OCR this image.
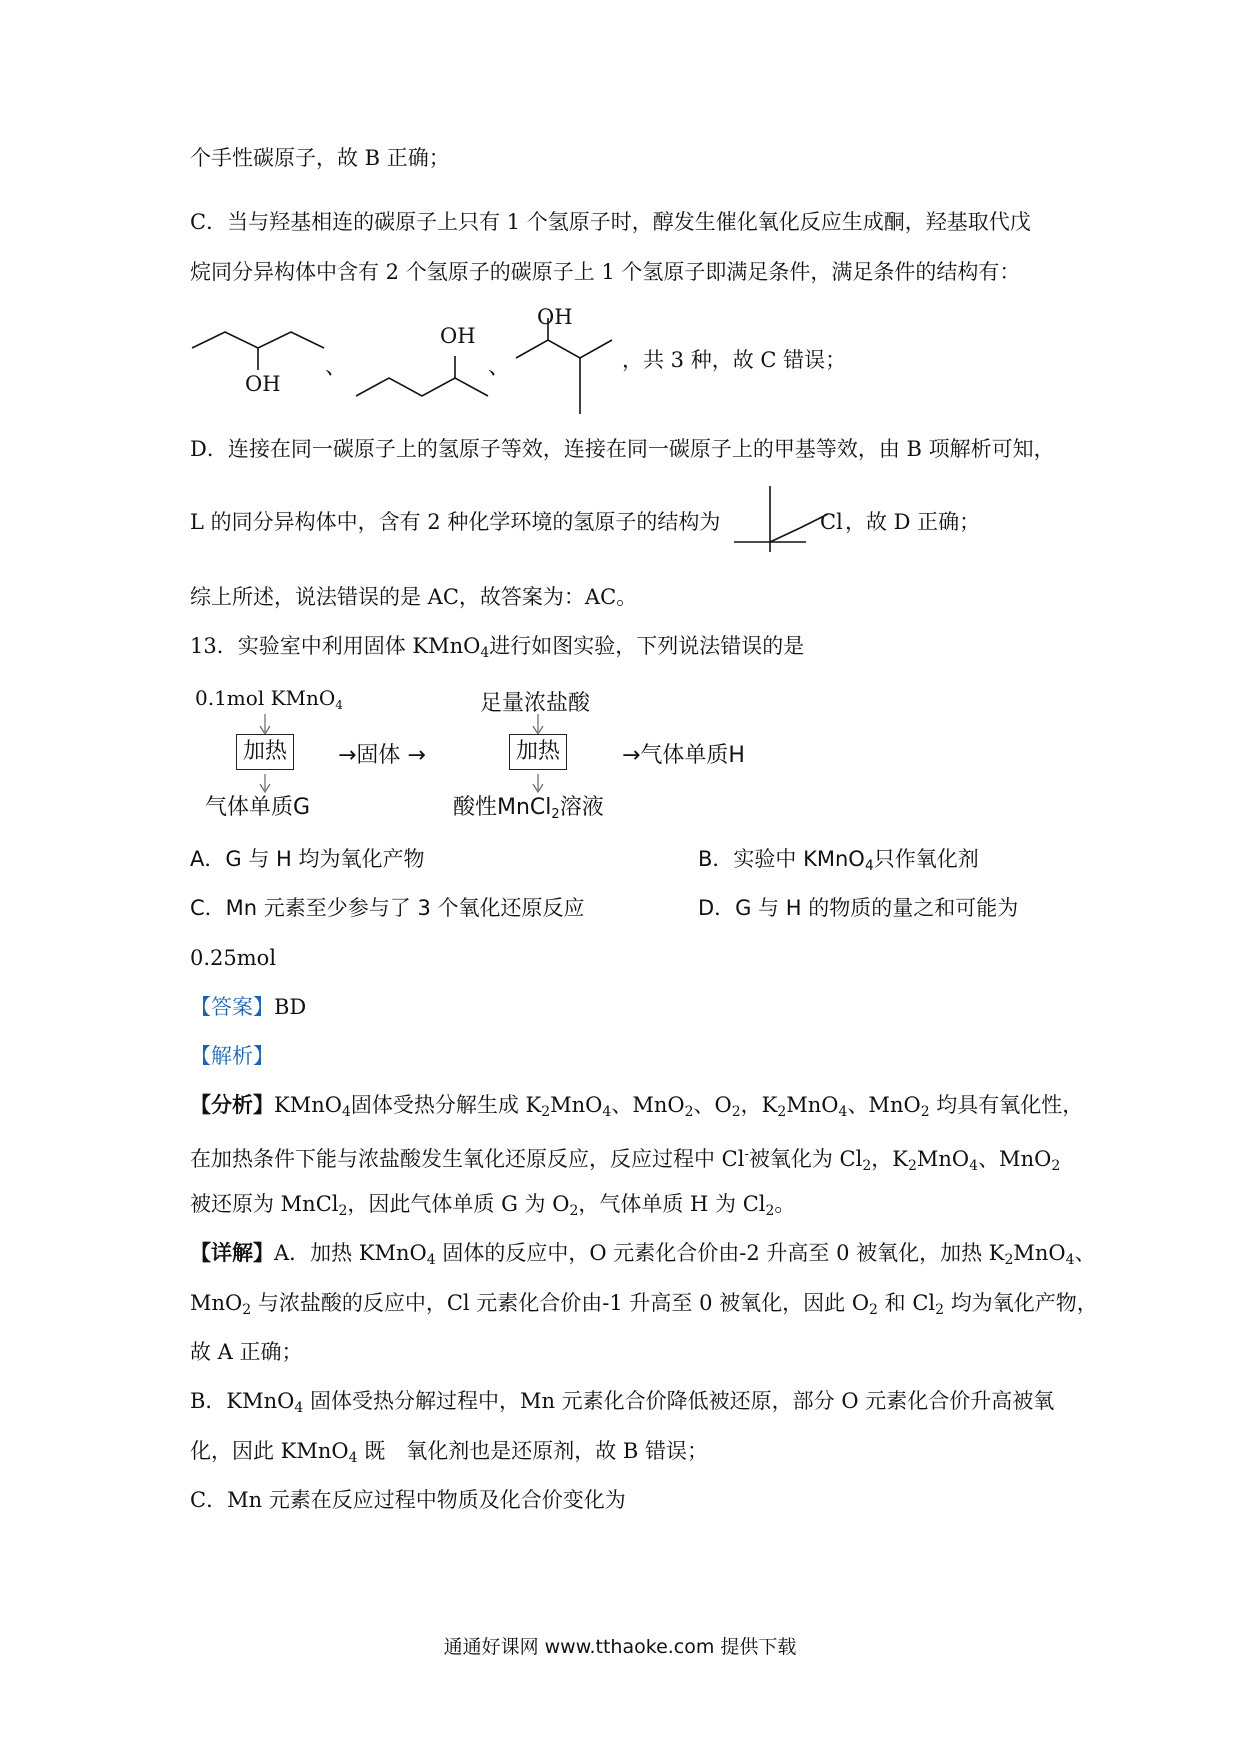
个手性碳原子，故 B 正确；
C．当与羟基相连的碳原子上只有 1 个氢原子时，醇发生催化氧化反应生成酮，羟基取代戊
烷同分异构体中含有 2 个氢原子的碳原子上 1 个氢原子即满足条件，满足条件的结构有：
OH
、
OH
、
OH
，共 3 种，故 C 错误；
D．连接在同一碳原子上的氢原子等效，连接在同一碳原子上的甲基等效，由 B 项解析可知，
L 的同分异构体中，含有 2 种化学环境的氢原子的结构为	Cl ，故 D 正确；
综上所述，说法错误的是 AC，故答案为：AC。
13．实验室中利用固体 KMnO$_4$进行如图实验，下列说法错误的是
0.1mol KMnO$_4$	足量浓盐酸
加热	→固体 →	加热	→气体单质H
气体单质G	酸性MnCl$_2$溶液
A．G 与 H 均为氧化产物	B．实验中 KMnO$_4$只作氧化剂
C．Mn 元素至少参与了 3 个氧化还原反应	D．G 与 H 的物质的量之和可能为
0.25mol
【答案】BD
【解析】
【分析】KMnO$_4$固体受热分解生成 $K_2MnO_4$、MnO$_2$、$O_2$，$K_2MnO_4$、MnO$_2$ 均具有氧化性，
在加热条件下能与浓盐酸发生氧化还原反应，反应过程中 Cl-被氧化为 $Cl_2$，$K_2MnO_4$、MnO$_2$
被还原为 MnCl$_2$，因此气体单质 G 为 $O_2$，气体单质 H 为 $Cl_2$。
【详解】A．加热 KMnO$_4$ 固体的反应中，O 元素化合价由-2 升高至 0 被氧化，加热 $K_2MnO_4$、
MnO$_2$ 与浓盐酸的反应中，Cl 元素化合价由-1 升高至 0 被氧化，因此 $O_2$ 和 $Cl_2$ 均为氧化产物，
故 A 正确；
B．KMnO$_4$ 固体受热分解过程中，Mn 元素化合价降低被还原，部分 O 元素化合价升高被氧
化，因此 KMnO$_4$ 既　氧化剂也是还原剂，故 B 错误；
C．Mn 元素在反应过程中物质及化合价变化为
通通好课网 www.tthaoke.com 提供下载
